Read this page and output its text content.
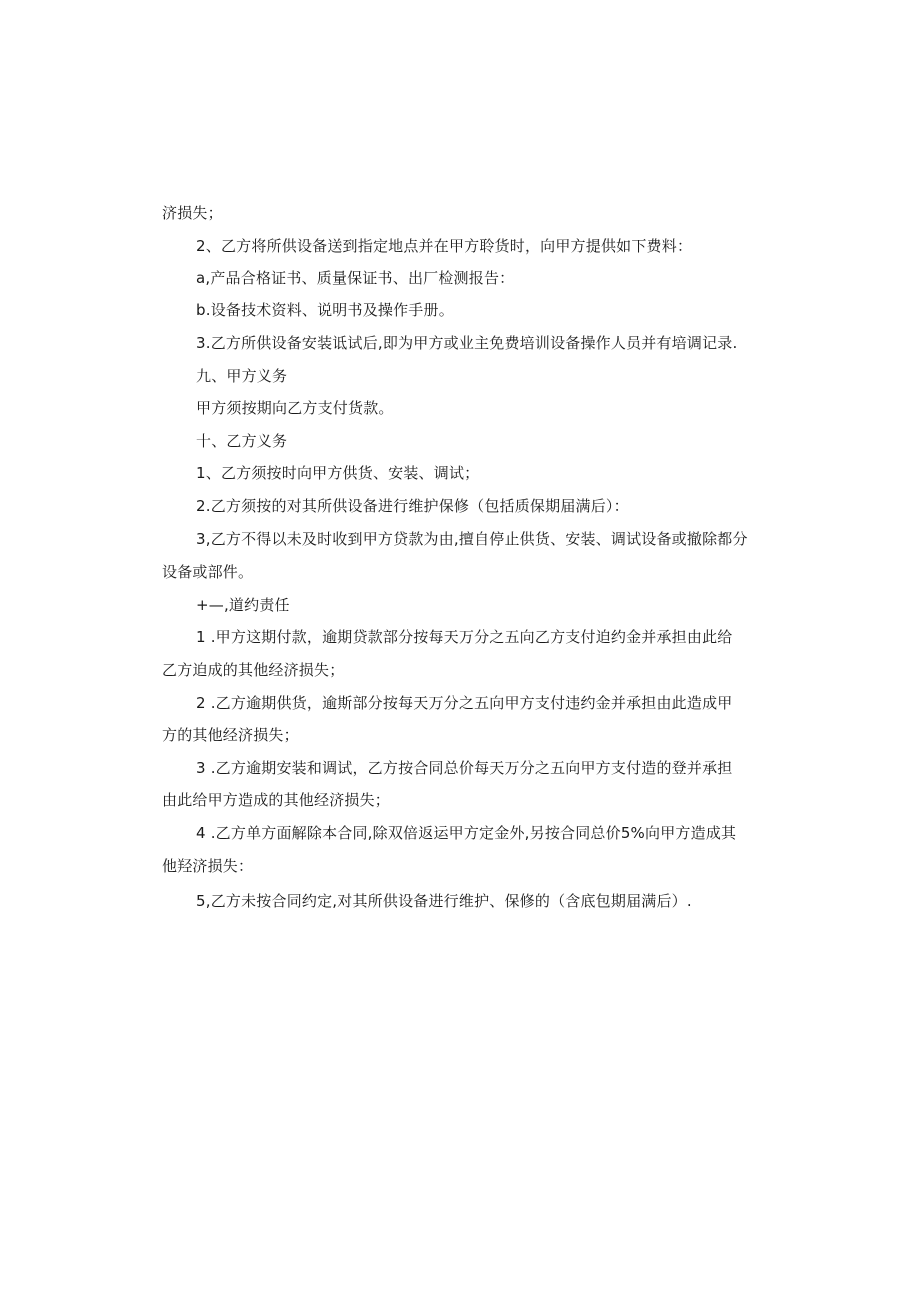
济损失；
2、乙方将所供设备送到指定地点并在甲方聆货时，向甲方提供如下费料：
a,产品合格证书、质量保证书、出厂检测报告：
b.设备技术资料、说明书及操作手册。
3.乙方所供设备安装诋试后,即为甲方或业主免费培训设备操作人员并有培调记录.
九、甲方义务
甲方须按期向乙方支付货款。
十、乙方义务
1、乙方须按时向甲方供货、安装、调试；
2.乙方须按的对其所供设备进行维护保修（包括质保期届满后）：
3,乙方不得以未及时收到甲方贷款为由,擅自停止供货、安装、调试设备或撤除都分
设备或部件。
+—,道约责任
1 .甲方这期付款，逾期贷款部分按每天万分之五向乙方支付迫约金并承担由此给
乙方迫成的其他经济损失；
2 .乙方逾期供货，逾斯部分按每天万分之五向甲方支付违约金并承担由此造成甲
方的其他经济损失；
3 .乙方逾期安装和调试，乙方按合同总价每天万分之五向甲方支付造的登并承担
由此给甲方造成的其他经济损失；
4 .乙方单方面解除本合同,除双倍返运甲方定金外,另按合同总价5%向甲方造成其
他羟济损失：
5,乙方未按合同约定,对其所供设备进行维护、保修的（含底包期届满后）.
